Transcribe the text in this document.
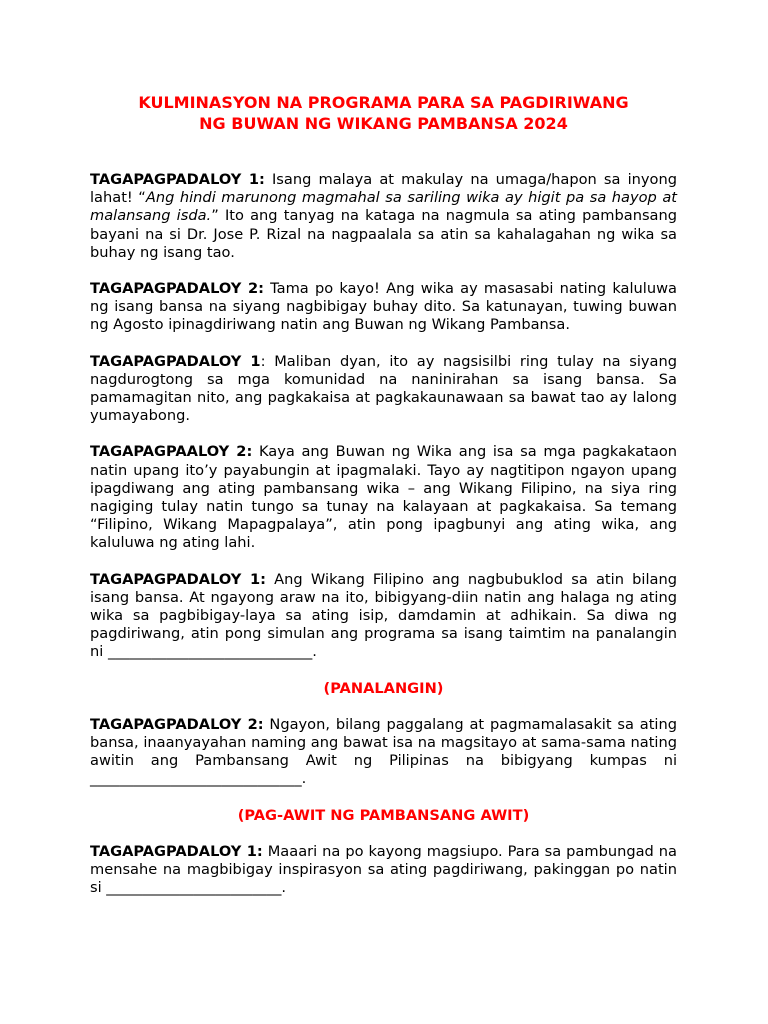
KULMINASYON NA PROGRAMA PARA SA PAGDIRIWANG
NG BUWAN NG WIKANG PAMBANSA 2024

TAGAPAGPADALOY 1: Isang malaya at makulay na umaga/hapon sa inyong lahat! “Ang hindi marunong magmahal sa sariling wika ay higit pa sa hayop at malansang isda.” Ito ang tanyag na kataga na nagmula sa ating pambansang bayani na si Dr. Jose P. Rizal na nagpaalala sa atin sa kahalagahan ng wika sa buhay ng isang tao.

TAGAPAGPADALOY 2: Tama po kayo! Ang wika ay masasabi nating kaluluwa ng isang bansa na siyang nagbibigay buhay dito. Sa katunayan, tuwing buwan ng Agosto ipinagdiriwang natin ang Buwan ng Wikang Pambansa.

TAGAPAGPADALOY 1: Maliban dyan, ito ay nagsisilbi ring tulay na siyang nagdurogtong sa mga komunidad na naninirahan sa isang bansa. Sa pamamagitan nito, ang pagkakaisa at pagkakaunawaan sa bawat tao ay lalong yumayabong.

TAGAPAGPAALOY 2: Kaya ang Buwan ng Wika ang isa sa mga pagkakataon natin upang ito’y payabungin at ipagmalaki. Tayo ay nagtitipon ngayon upang ipagdiwang ang ating pambansang wika – ang Wikang Filipino, na siya ring nagiging tulay natin tungo sa tunay na kalayaan at pagkakaisa. Sa temang “Filipino, Wikang Mapagpalaya”, atin pong ipagbunyi ang ating wika, ang kaluluwa ng ating lahi.

TAGAPAGPADALOY 1: Ang Wikang Filipino ang nagbubuklod sa atin bilang isang bansa. At ngayong araw na ito, bibigyang-diin natin ang halaga ng ating wika sa pagbibigay-laya sa ating isip, damdamin at adhikain. Sa diwa ng pagdiriwang, atin pong simulan ang programa sa isang taimtim na panalangin ni ____________________________.

(PANALANGIN)

TAGAPAGPADALOY 2: Ngayon, bilang paggalang at pagmamalasakit sa ating bansa, inaanyayahan naming ang bawat isa na magsitayo at sama-sama nating awitin ang Pambansang Awit ng Pilipinas na bibigyang kumpas ni _____________________________.

(PAG-AWIT NG PAMBANSANG AWIT)

TAGAPAGPADALOY 1: Maaari na po kayong magsiupo. Para sa pambungad na mensahe na magbibigay inspirasyon sa ating pagdiriwang, pakinggan po natin si ________________________.
